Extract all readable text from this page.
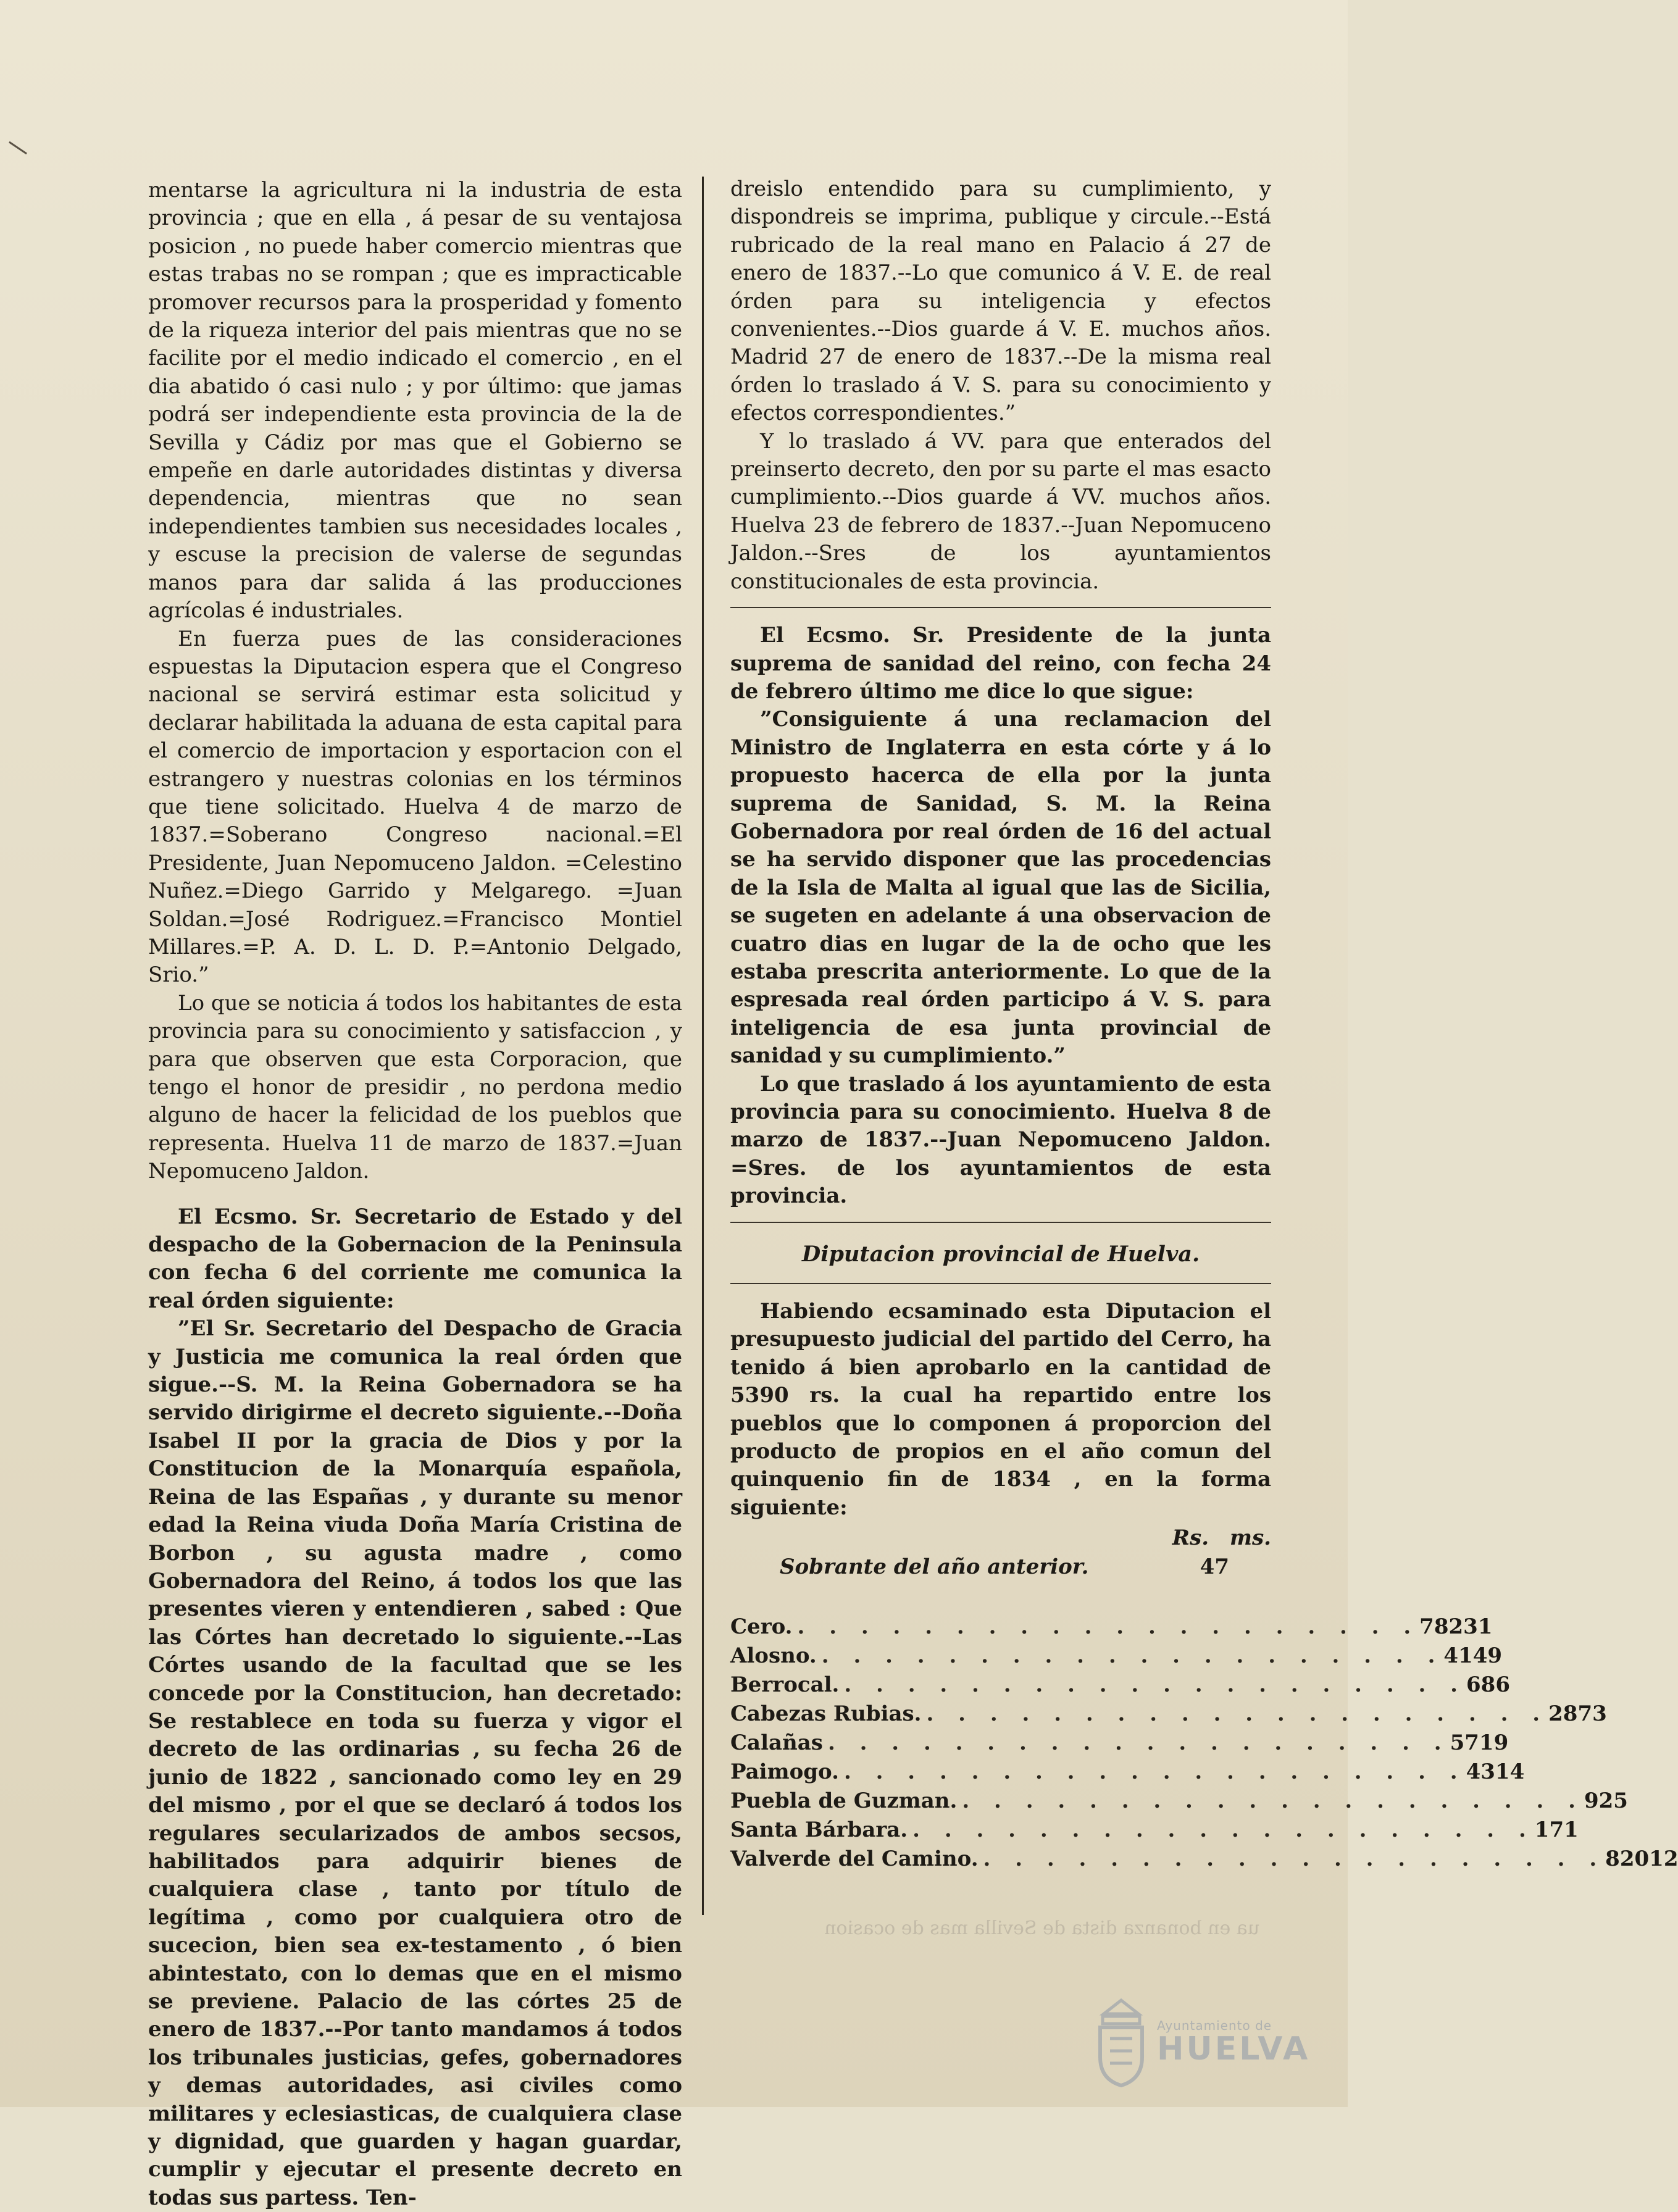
mentarse la agricultura ni la industria de esta provincia ; que en ella , á pesar de su ventajosa posicion , no puede haber comercio mientras que estas trabas no se rompan ; que es impracticable promover recursos para la prosperidad y fomento de la riqueza interior del pais mientras que no se facilite por el medio indicado el comercio , en el dia abatido ó casi nulo ; y por último: que jamas podrá ser independiente esta provincia de la de Sevilla y Cádiz por mas que el Gobierno se empeñe en darle autoridades distintas y diversa dependencia, mientras que no sean independientes tambien sus necesidades locales , y escuse la precision de valerse de segundas manos para dar salida á las producciones agrícolas é industriales.

En fuerza pues de las consideraciones espuestas la Diputacion espera que el Congreso nacional se servirá estimar esta solicitud y declarar habilitada la aduana de esta capital para el comercio de importacion y esportacion con el estrangero y nuestras colonias en los términos que tiene solicitado. Huelva 4 de marzo de 1837.=Soberano Congreso nacional.=El Presidente, Juan Nepomuceno Jaldon. =Celestino Nuñez.=Diego Garrido y Melgarego. =Juan Soldan.=José Rodriguez.=Francisco Montiel Millares.=P. A. D. L. D. P.=Antonio Delgado, Srio.”

Lo que se noticia á todos los habitantes de esta provincia para su conocimiento y satisfaccion , y para que observen que esta Corporacion, que tengo el honor de presidir , no perdona medio alguno de hacer la felicidad de los pueblos que representa. Huelva 11 de marzo de 1837.=Juan Nepomuceno Jaldon.

El Ecsmo. Sr. Secretario de Estado y del despacho de la Gobernacion de la Peninsula con fecha 6 del corriente me comunica la real órden siguiente:

”El Sr. Secretario del Despacho de Gracia y Justicia me comunica la real órden que sigue.--S. M. la Reina Gobernadora se ha servido dirigirme el decreto siguiente.--Doña Isabel II por la gracia de Dios y por la Constitucion de la Monarquía española, Reina de las Españas , y durante su menor edad la Reina viuda Doña María Cristina de Borbon , su agusta madre , como Gobernadora del Reino, á todos los que las presentes vieren y entendieren , sabed : Que las Córtes han decretado lo siguiente.--Las Córtes usando de la facultad que se les concede por la Constitucion, han decretado: Se restablece en toda su fuerza y vigor el decreto de las ordinarias , su fecha 26 de junio de 1822 , sancionado como ley en 29 del mismo , por el que se declaró á todos los regulares secularizados de ambos secsos, habilitados para adquirir bienes de cualquiera clase , tanto por título de legítima , como por cualquiera otro de sucecion, bien sea ex-testamento , ó bien abintestato, con lo demas que en el mismo se previene. Palacio de las córtes 25 de enero de 1837.--Por tanto mandamos á todos los tribunales justicias, gefes, gobernadores y demas autoridades, asi civiles como militares y eclesiasticas, de cualquiera clase y dignidad, que guarden y hagan guardar, cumplir y ejecutar el presente decreto en todas sus partess. Ten-

dreislo entendido para su cumplimiento, y dispondreis se imprima, publique y circule.--Está rubricado de la real mano en Palacio á 27 de enero de 1837.--Lo que comunico á V. E. de real órden para su inteligencia y efectos convenientes.--Dios guarde á V. E. muchos años. Madrid 27 de enero de 1837.--De la misma real órden lo traslado á V. S. para su conocimiento y efectos correspondientes.”

Y lo traslado á VV. para que enterados del preinserto decreto, den por su parte el mas esacto cumplimiento.--Dios guarde á VV. muchos años. Huelva 23 de febrero de 1837.--Juan Nepomuceno Jaldon.--Sres de los ayuntamientos constitucionales de esta provincia.

El Ecsmo. Sr. Presidente de la junta suprema de sanidad del reino, con fecha 24 de febrero último me dice lo que sigue:

”Consiguiente á una reclamacion del Ministro de Inglaterra en esta córte y á lo propuesto hacerca de ella por la junta suprema de Sanidad, S. M. la Reina Gobernadora por real órden de 16 del actual se ha servido disponer que las procedencias de la Isla de Malta al igual que las de Sicilia, se sugeten en adelante á una observacion de cuatro dias en lugar de la de ocho que les estaba prescrita anteriormente. Lo que de la espresada real órden participo á V. S. para inteligencia de esa junta provincial de sanidad y su cumplimiento.”

Lo que traslado á los ayuntamiento de esta provincia para su conocimiento. Huelva 8 de marzo de 1837.--Juan Nepomuceno Jaldon. =Sres. de los ayuntamientos de esta provincia.

Diputacion provincial de Huelva.

Habiendo ecsaminado esta Diputacion el presupuesto judicial del partido del Cerro, ha tenido á bien aprobarlo en la cantidad de 5390 rs. la cual ha repartido entre los pueblos que lo componen á proporcion del producto de propios en el año comun del quinquenio fin de 1834 , en la forma siguiente:

Rs. ms.
Sobrante del año anterior.	47
Cero. . . . . . . . . . . . . . . . . . . . . 782 31
Alosno. . . . . . . . . . . . . . . . . . . . . 414 9
Berrocal. . . . . . . . . . . . . . . . . . . . . 68 6
Cabezas Rubias. . . . . . . . . . . . . . . . . . . . . 287 3
Calañas . . . . . . . . . . . . . . . . . . . . 571 9
Paimogo. . . . . . . . . . . . . . . . . . . . . 431 4
Puebla de Guzman. . . . . . . . . . . . . . . . . . . . . 925
Santa Bárbara. . . . . . . . . . . . . . . . . . . . . 171
Valverde del Camino. . . . . . . . . . . . . . . . . . . . . 820 12
ua en bonanza dista de Sevilla mas de ocasion
Ayuntamiento de
HUELVA
